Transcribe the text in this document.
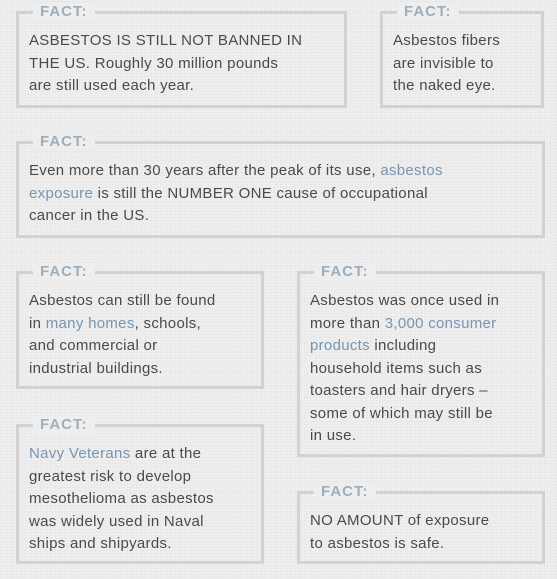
FACT:

ASBESTOS IS STILL NOT BANNED IN
THE US. Roughly 30 million pounds
are still used each year.

FACT:

Asbestos fibers
are invisible to
the naked eye.

FACT:

Even more than 30 years after the peak of its use, asbestos
exposure is still the NUMBER ONE cause of occupational
cancer in the US.

FACT:

Asbestos can still be found
in many homes, schools,
and commercial or
industrial buildings.

FACT:

Asbestos was once used in
more than 3,000 consumer
products including
household items such as
toasters and hair dryers –
some of which may still be
in use.

FACT:

Navy Veterans are at the
greatest risk to develop
mesothelioma as asbestos
was widely used in Naval
ships and shipyards.

FACT:

NO AMOUNT of exposure
to asbestos is safe.
